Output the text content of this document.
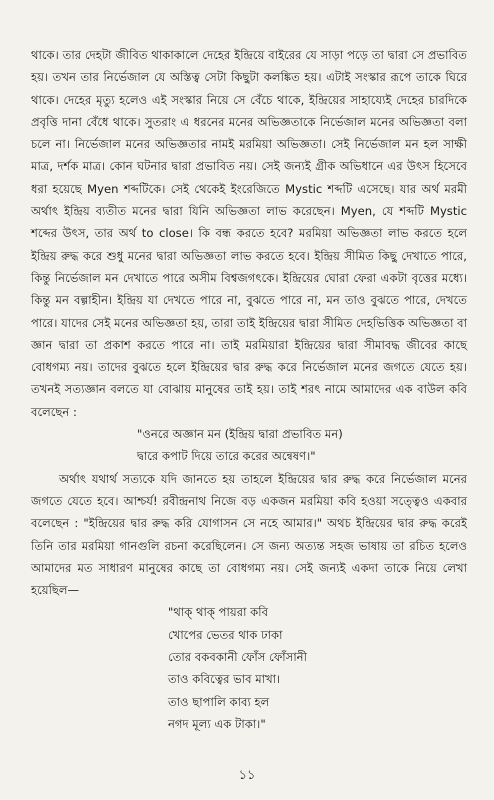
থাকে। তার দেহটা জীবিত থাকাকালে দেহের ইন্দ্রিয়ে বাইরের যে সাড়া পড়ে তা দ্বারা সে প্রভাবিত হয়। তখন তার নির্ভেজাল যে অস্তিত্ব সেটা কিছুটা কলঙ্কিত হয়। এটাই সংস্কার রূপে তাকে ঘিরে থাকে। দেহের মৃত্যু হলেও এই সংস্কার নিয়ে সে বেঁচে থাকে, ইন্দ্রিয়ের সাহায্যেই দেহের চারদিকে প্রবৃত্তি দানা বেঁধে থাকে। সুতরাং এ ধরনের মনের অভিজ্ঞতাকে নির্ভেজাল মনের অভিজ্ঞতা বলা চলে না। নির্ভেজাল মনের অভিজ্ঞতার নামই মরমিয়া অভিজ্ঞতা। সেই নির্ভেজাল মন হল সাক্ষী মাত্র, দর্শক মাত্র। কোন ঘটনার দ্বারা প্রভাবিত নয়। সেই জন্যই গ্রীক অভিধানে এর উৎস হিসেবে ধরা হয়েছে Myen শব্দটিকে। সেই থেকেই ইংরেজিতে Mystic শব্দটি এসেছে। যার অর্থ মরমী অর্থাৎ ইন্দ্রিয় ব্যতীত মনের দ্বারা যিনি অভিজ্ঞতা লাভ করেছেন। Myen, যে শব্দটি Mystic শব্দের উৎস, তার অর্থ to close। কি বন্ধ করতে হবে? মরমিয়া অভিজ্ঞতা লাভ করতে হলে ইন্দ্রিয় রুদ্ধ করে শুধু মনের দ্বারা অভিজ্ঞতা লাভ করতে হবে। ইন্দ্রিয় সীমিত কিছু দেখাতে পারে, কিন্তু নির্ভেজাল মন দেখাতে পারে অসীম বিশ্বজগৎকে। ইন্দ্রিয়ের ঘোরা ফেরা একটা বৃত্তের মধ্যে। কিন্তু মন বল্গাহীন। ইন্দ্রিয় যা দেখতে পারে না, বুঝতে পারে না, মন তাও বুঝতে পারে, দেখতে পারে। যাদের সেই মনের অভিজ্ঞতা হয়, তারা তাই ইন্দ্রিয়ের দ্বারা সীমিত দেহভিত্তিক অভিজ্ঞতা বা জ্ঞান দ্বারা তা প্রকাশ করতে পারে না। তাই মরমিয়ারা ইন্দ্রিয়ের দ্বারা সীমাবদ্ধ জীবের কাছে বোধগম্য নয়। তাদের বুঝতে হলে ইন্দ্রিয়ের দ্বার রুদ্ধ করে নির্ভেজাল মনের জগতে যেতে হয়। তখনই সত্যজ্ঞান বলতে যা বোঝায় মানুষের তাই হয়। তাই শরৎ নামে আমাদের এক বাউল কবি বলেছেন :

"ওনরে অজ্ঞান মন (ইন্দ্রিয় দ্বারা প্রভাবিত মন)
দ্বারে কপাট দিয়ে তারে করের অন্বেষণ।"

অর্থাৎ যথার্থ সত্যকে যদি জানতে হয় তাহলে ইন্দ্রিয়ের দ্বার রুদ্ধ করে নির্ভেজাল মনের জগতে যেতে হবে। আশ্চর্য! রবীন্দ্রনাথ নিজে বড় একজন মরমিয়া কবি হওয়া সত্ত্বেও একবার বলেছেন : "ইন্দ্রিয়ের দ্বার রুদ্ধ করি যোগাসন সে নহে আমার।" অথচ ইন্দ্রিয়ের দ্বার রুদ্ধ করেই তিনি তার মরমিয়া গানগুলি রচনা করেছিলেন। সে জন্য অত্যন্ত সহজ ভাষায় তা রচিত হলেও আমাদের মত সাধারণ মানুষের কাছে তা বোধগম্য নয়। সেই জন্যই একদা তাকে নিয়ে লেখা হয়েছিল—

"থাক্ থাক্ পায়রা কবি
খোপের ভেতর থাক ঢাকা
তোর বকবকানী ফোঁস ফোঁসানী
তাও কবিত্বের ভাব মাখা।
তাও ছাপালি কাব্য হল
নগদ মূল্য এক টাকা।"
১১
